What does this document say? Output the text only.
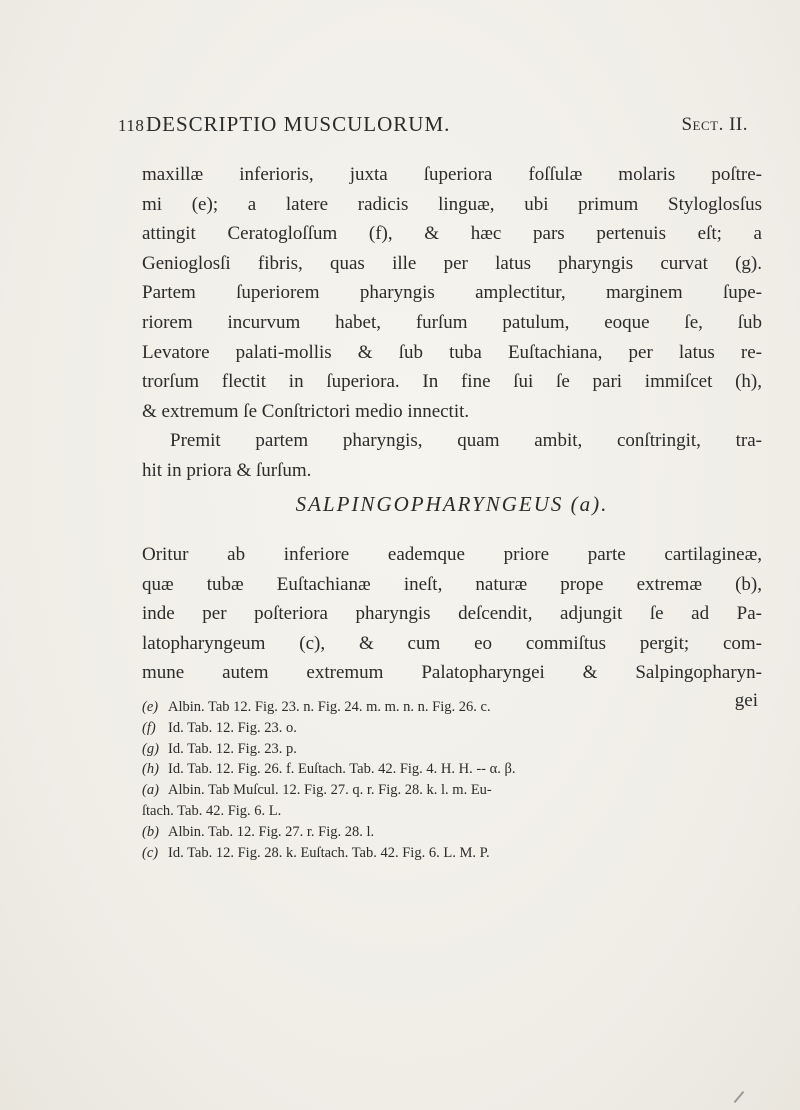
118 DESCRIPTIO MUSCULORUM.	Sect. II.
maxillæ inferioris, juxta ſuperiora foſſulæ molaris poſtre-
mi (e); a latere radicis linguæ, ubi primum Styloglosſus
attingit Ceratogloſſum (f), & hæc pars pertenuis eſt; a
Genioglosſi fibris, quas ille per latus pharyngis curvat (g).
Partem ſuperiorem pharyngis amplectitur, marginem ſupe-
riorem incurvum habet, furſum patulum, eoque ſe, ſub
Levatore palati-mollis & ſub tuba Euſtachiana, per latus re-
trorſum flectit in ſuperiora. In fine ſui ſe pari immiſcet (h),
& extremum ſe Conſtrictori medio innectit.
Premit partem pharyngis, quam ambit, conſtringit, tra-
hit in priora & ſurſum.
SALPINGOPHARYNGEUS (a).
Oritur ab inferiore eademque priore parte cartilagineæ,
quæ tubæ Euſtachianæ ineſt, naturæ prope extremæ (b),
inde per poſteriora pharyngis deſcendit, adjungit ſe ad Pa-
latopharyngeum (c), & cum eo commiſtus pergit; com-
mune autem extremum Palatopharyngei & Salpingopharyn-
gei
(e) Albin. Tab 12. Fig. 23. n. Fig. 24. m. m. n. n. Fig. 26. c.
(f) Id. Tab. 12. Fig. 23. o.
(g) Id. Tab. 12. Fig. 23. p.
(h) Id. Tab. 12. Fig. 26. f. Euſtach. Tab. 42. Fig. 4. H. H. -- α. β.
(a) Albin. Tab Muſcul. 12. Fig. 27. q. r. Fig. 28. k. l. m. Eu-
ſtach. Tab. 42. Fig. 6. L.
(b) Albin. Tab. 12. Fig. 27. r. Fig. 28. l.
(c) Id. Tab. 12. Fig. 28. k. Euſtach. Tab. 42. Fig. 6. L. M. P.
